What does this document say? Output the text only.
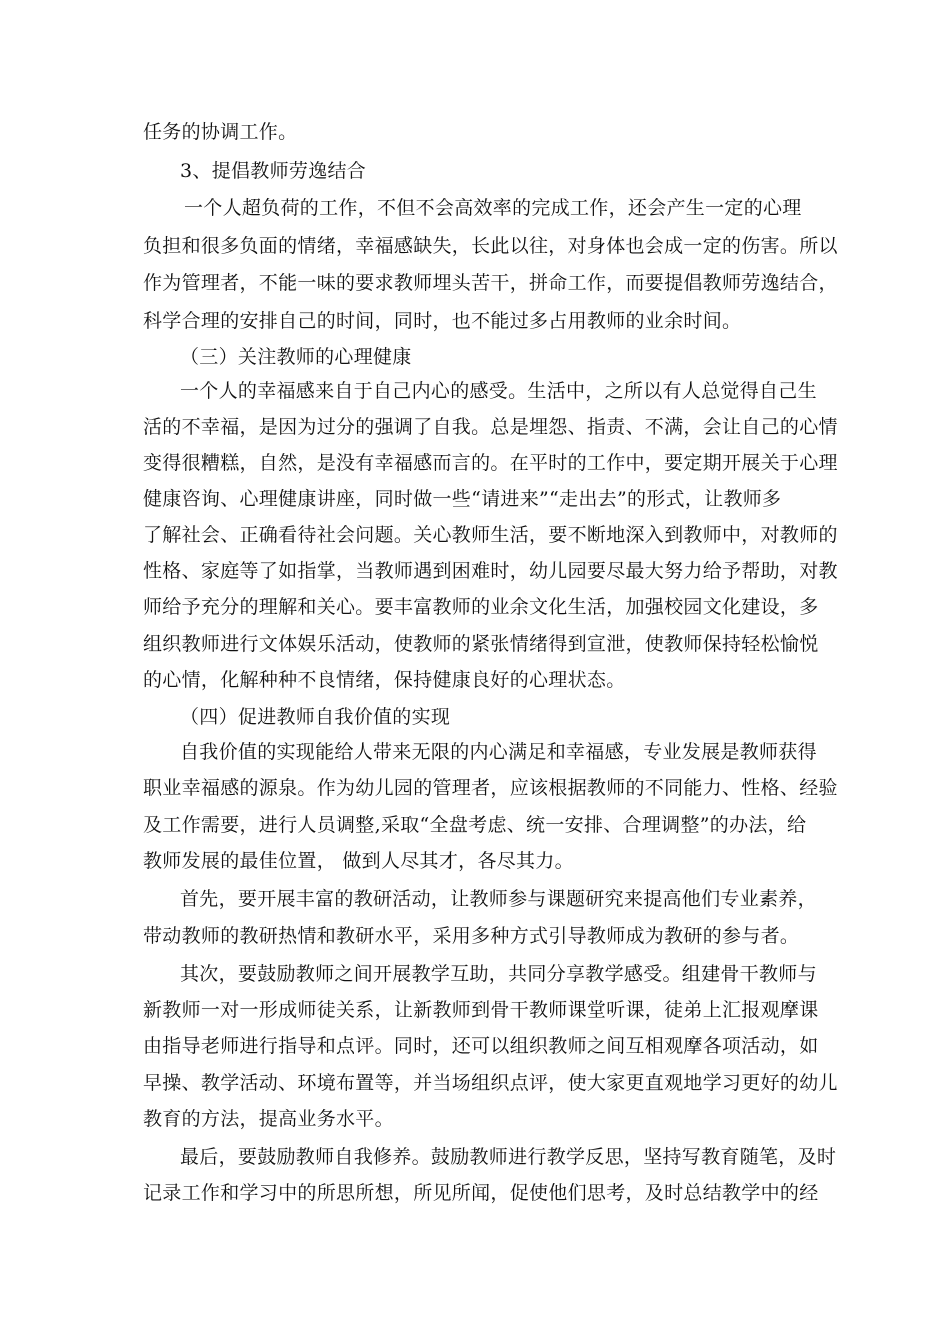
任务的协调工作。
3、提倡教师劳逸结合
一个人超负荷的工作，不但不会高效率的完成工作，还会产生一定的心理
负担和很多负面的情绪，幸福感缺失，长此以往，对身体也会成一定的伤害。所以
作为管理者，不能一味的要求教师埋头苦干，拼命工作，而要提倡教师劳逸结合，
科学合理的安排自己的时间，同时，也不能过多占用教师的业余时间。
（三）关注教师的心理健康
一个人的幸福感来自于自己内心的感受。生活中，之所以有人总觉得自己生
活的不幸福，是因为过分的强调了自我。总是埋怨、指责、不满，会让自己的心情
变得很糟糕，自然，是没有幸福感而言的。在平时的工作中，要定期开展关于心理
健康咨询、心理健康讲座，同时做一些“请进来”“走出去”的形式，让教师多
了解社会、正确看待社会问题。关心教师生活，要不断地深入到教师中，对教师的
性格、家庭等了如指掌，当教师遇到困难时，幼儿园要尽最大努力给予帮助，对教
师给予充分的理解和关心。要丰富教师的业余文化生活，加强校园文化建设，多
组织教师进行文体娱乐活动，使教师的紧张情绪得到宣泄，使教师保持轻松愉悦
的心情，化解种种不良情绪，保持健康良好的心理状态。
（四）促进教师自我价值的实现
自我价值的实现能给人带来无限的内心满足和幸福感，专业发展是教师获得
职业幸福感的源泉。作为幼儿园的管理者，应该根据教师的不同能力、性格、经验
及工作需要，进行人员调整,采取“全盘考虑、统一安排、合理调整”的办法，给
教师发展的最佳位置， 做到人尽其才，各尽其力。
首先，要开展丰富的教研活动，让教师参与课题研究来提高他们专业素养，
带动教师的教研热情和教研水平，采用多种方式引导教师成为教研的参与者。
其次，要鼓励教师之间开展教学互助，共同分享教学感受。组建骨干教师与
新教师一对一形成师徒关系，让新教师到骨干教师课堂听课，徒弟上汇报观摩课
由指导老师进行指导和点评。同时，还可以组织教师之间互相观摩各项活动，如
早操、教学活动、环境布置等，并当场组织点评，使大家更直观地学习更好的幼儿
教育的方法，提高业务水平。
最后，要鼓励教师自我修养。鼓励教师进行教学反思，坚持写教育随笔，及时
记录工作和学习中的所思所想，所见所闻，促使他们思考，及时总结教学中的经
